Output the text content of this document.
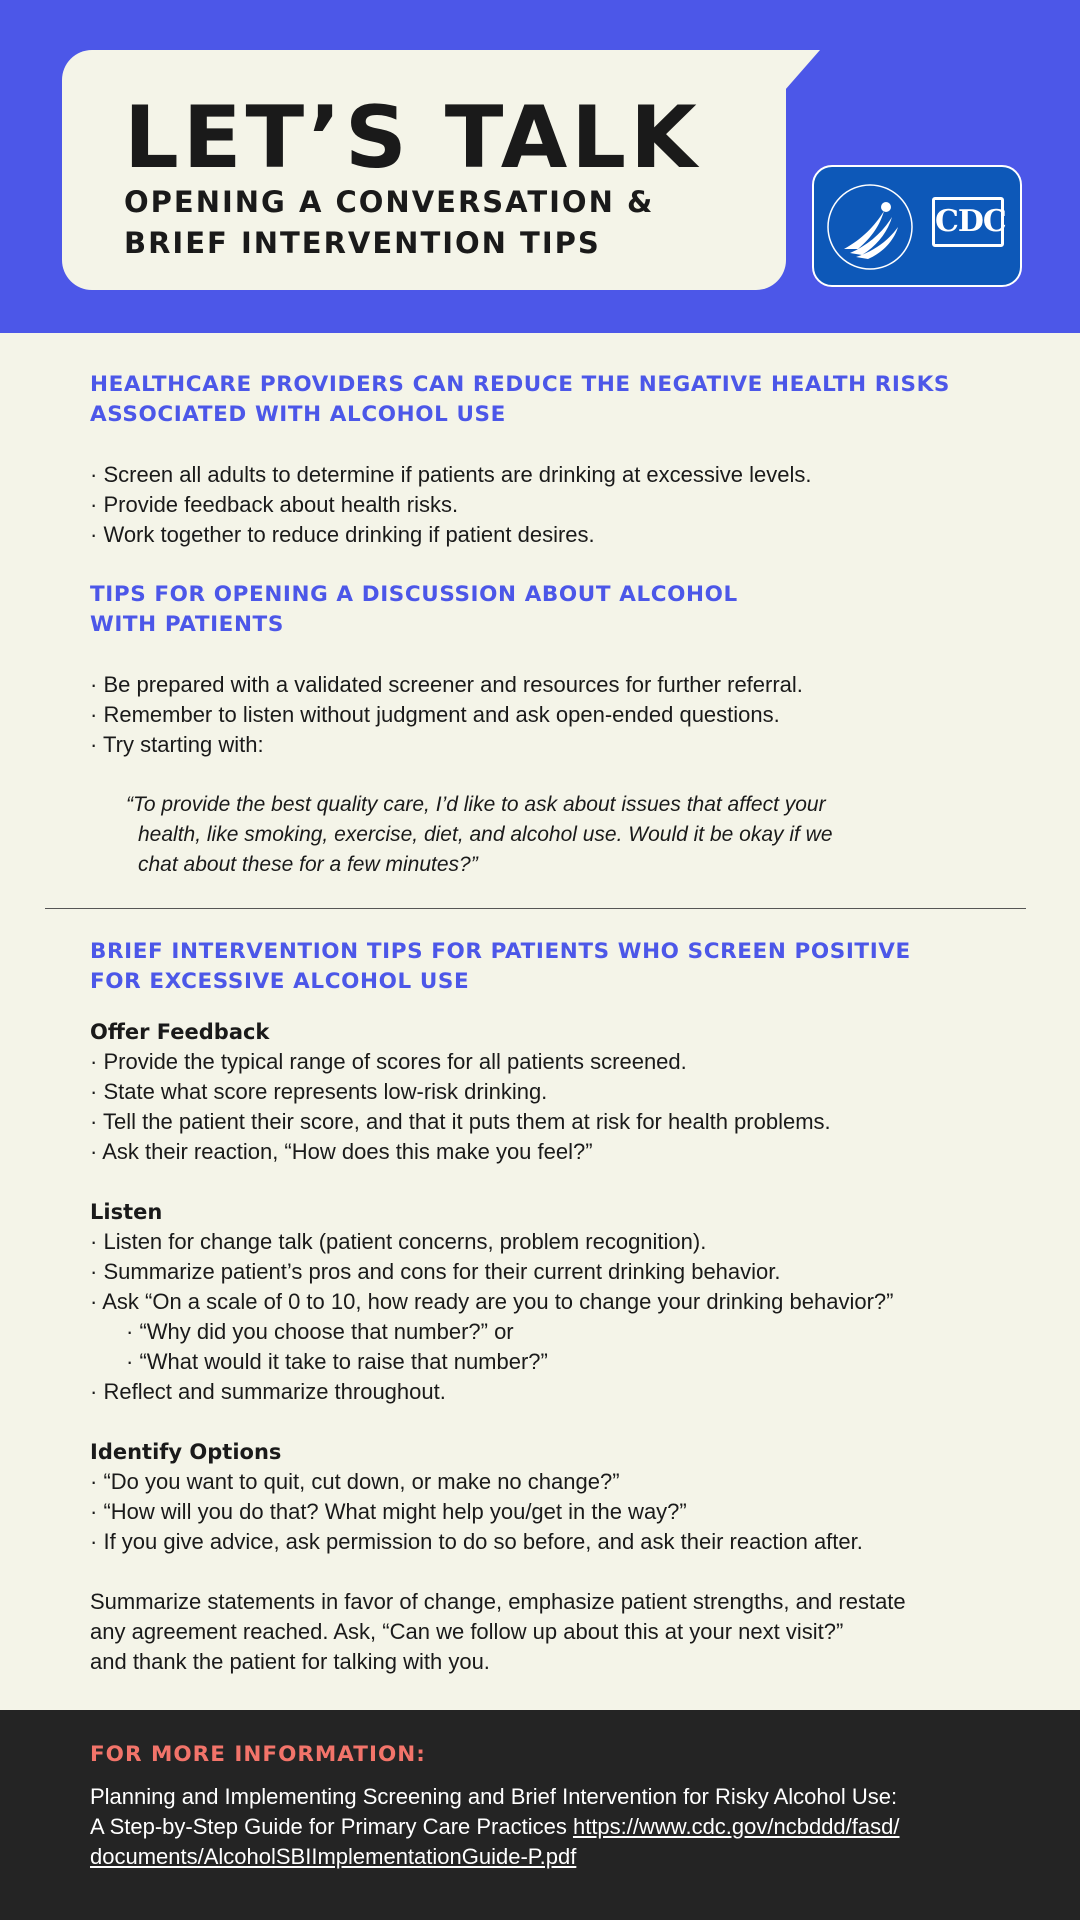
LET’S TALK
OPENING A CONVERSATION &
BRIEF INTERVENTION TIPS
CDC
HEALTHCARE PROVIDERS CAN REDUCE THE NEGATIVE HEALTH RISKS
ASSOCIATED WITH ALCOHOL USE
· Screen all adults to determine if patients are drinking at excessive levels.
· Provide feedback about health risks.
· Work together to reduce drinking if patient desires.
TIPS FOR OPENING A DISCUSSION ABOUT ALCOHOL
WITH PATIENTS
· Be prepared with a validated screener and resources for further referral.
· Remember to listen without judgment and ask open-ended questions.
· Try starting with:
“To provide the best quality care, I’d like to ask about issues that affect your
health, like smoking, exercise, diet, and alcohol use. Would it be okay if we
chat about these for a few minutes?”
BRIEF INTERVENTION TIPS FOR PATIENTS WHO SCREEN POSITIVE
FOR EXCESSIVE ALCOHOL USE
Offer Feedback
· Provide the typical range of scores for all patients screened.
· State what score represents low-risk drinking.
· Tell the patient their score, and that it puts them at risk for health problems.
· Ask their reaction, “How does this make you feel?”
Listen
· Listen for change talk (patient concerns, problem recognition).
· Summarize patient’s pros and cons for their current drinking behavior.
· Ask “On a scale of 0 to 10, how ready are you to change your drinking behavior?”
· “Why did you choose that number?” or
· “What would it take to raise that number?”
· Reflect and summarize throughout.
Identify Options
· “Do you want to quit, cut down, or make no change?”
· “How will you do that? What might help you/get in the way?”
· If you give advice, ask permission to do so before, and ask their reaction after.
Summarize statements in favor of change, emphasize patient strengths, and restate
any agreement reached. Ask, “Can we follow up about this at your next visit?”
and thank the patient for talking with you.
FOR MORE INFORMATION:
Planning and Implementing Screening and Brief Intervention for Risky Alcohol Use:
A Step-by-Step Guide for Primary Care Practices https://www.cdc.gov/ncbddd/fasd/
documents/AlcoholSBIImplementationGuide-P.pdf
